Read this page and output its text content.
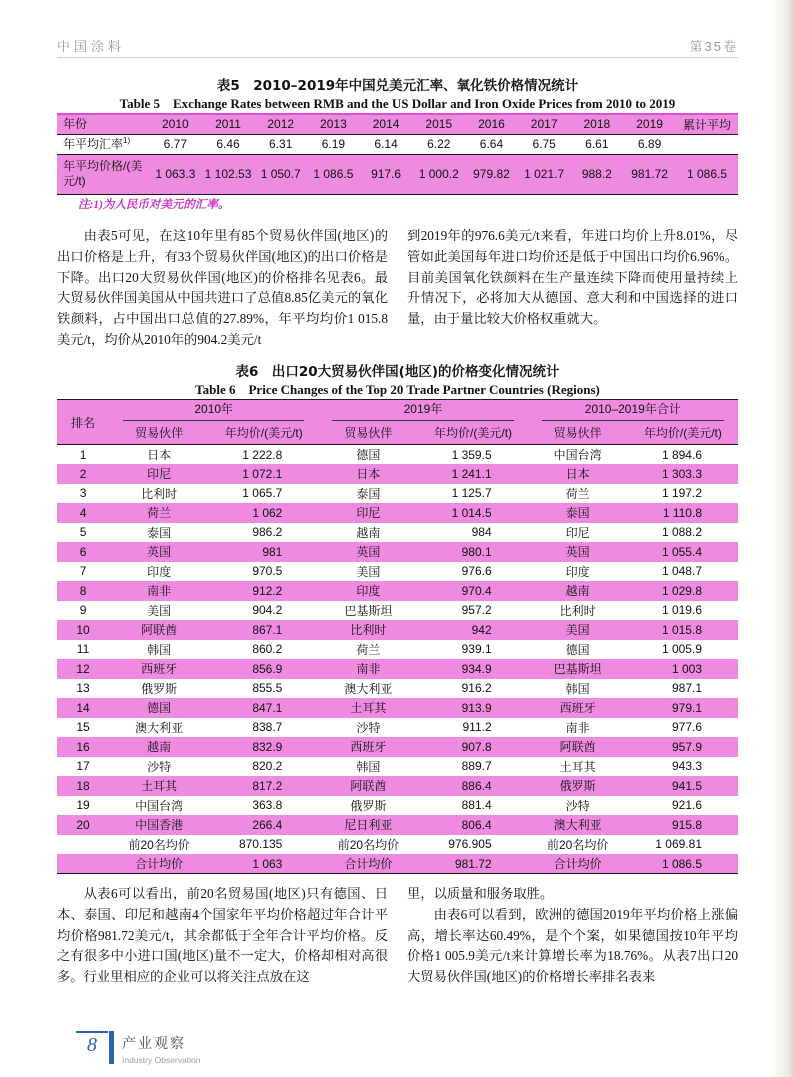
中国涂料	第35卷
表5　2010–2019年中国兑美元汇率、氧化铁价格情况统计
Table 5　Exchange Rates between RMB and the US Dollar and Iron Oxide Prices from 2010 to 2019
年份	2010	2011	2012	2013	2014	2015	2016	2017	2018	2019	累计平均
年平均汇率$^{1)}$	6.77	6.46	6.31	6.19	6.14	6.22	6.64	6.75	6.61	6.89	
年平均价格/(美元/t)	1 063.3	1 102.53	1 050.7	1 086.5	917.6	1 000.2	979.82	1 021.7	988.2	981.72	1 086.5
注:1)为人民币对美元的汇率。
由表5可见，在这10年里有85个贸易伙伴国(地区)的出口价格是上升，有33个贸易伙伴国(地区)的出口价格是下降。出口20大贸易伙伴国(地区)的价格排名见表6。最大贸易伙伴国美国从中国共进口了总值8.85亿美元的氧化铁颜料，占中国出口总值的27.89%，年平均均价1 015.8美元/t，均价从2010年的904.2美元/t
到2019年的976.6美元/t来看，年进口均价上升8.01%，尽管如此美国每年进口均价还是低于中国出口均价6.96%。目前美国氧化铁颜料在生产量连续下降而使用量持续上升情况下，必将加大从德国、意大利和中国选择的进口量，由于量比较大价格权重就大。
表6　出口20大贸易伙伴国(地区)的价格变化情况统计
Table 6　Price Changes of the Top 20 Trade Partner Countries (Regions)
排名	2010年		2019年		2010–2019年合计	

	贸易伙伴	年均价/(美元/t)	贸易伙伴	年均价/(美元/t)	贸易伙伴	年均价/(美元/t)
1	日本	1 222.8	德国	1 359.5	中国台湾	1 894.6
2	印尼	1 072.1	日本	1 241.1	日本	1 303.3
3	比利时	1 065.7	泰国	1 125.7	荷兰	1 197.2
4	荷兰	1 062	印尼	1 014.5	泰国	1 110.8
5	泰国	986.2	越南	984	印尼	1 088.2
6	英国	981	英国	980.1	英国	1 055.4
7	印度	970.5	美国	976.6	印度	1 048.7
8	南非	912.2	印度	970.4	越南	1 029.8
9	美国	904.2	巴基斯坦	957.2	比利时	1 019.6
10	阿联酋	867.1	比利时	942	美国	1 015.8
11	韩国	860.2	荷兰	939.1	德国	1 005.9
12	西班牙	856.9	南非	934.9	巴基斯坦	1 003
13	俄罗斯	855.5	澳大利亚	916.2	韩国	987.1
14	德国	847.1	土耳其	913.9	西班牙	979.1
15	澳大利亚	838.7	沙特	911.2	南非	977.6
16	越南	832.9	西班牙	907.8	阿联酋	957.9
17	沙特	820.2	韩国	889.7	土耳其	943.3
18	土耳其	817.2	阿联酋	886.4	俄罗斯	941.5
19	中国台湾	363.8	俄罗斯	881.4	沙特	921.6
20	中国香港	266.4	尼日利亚	806.4	澳大利亚	915.8
	前20名均价	870.135	前20名均价	976.905	前20名均价	1 069.81
	合计均价	1 063	合计均价	981.72	合计均价	1 086.5
从表6可以看出，前20名贸易国(地区)只有德国、日本、泰国、印尼和越南4个国家年平均价格超过年合计平均价格981.72美元/t，其余都低于全年合计平均价格。反之有很多中小进口国(地区)量不一定大，价格却相对高很多。行业里相应的企业可以将关注点放在这

里，以质量和服务取胜。

由表6可以看到，欧洲的德国2019年平均价格上涨偏高，增长率达60.49%，是个个案，如果德国按10年平均价格1 005.9美元/t来计算增长率为18.76%。从表7出口20大贸易伙伴国(地区)的价格增长率排名表来

8	产业观察
Industry Observation
